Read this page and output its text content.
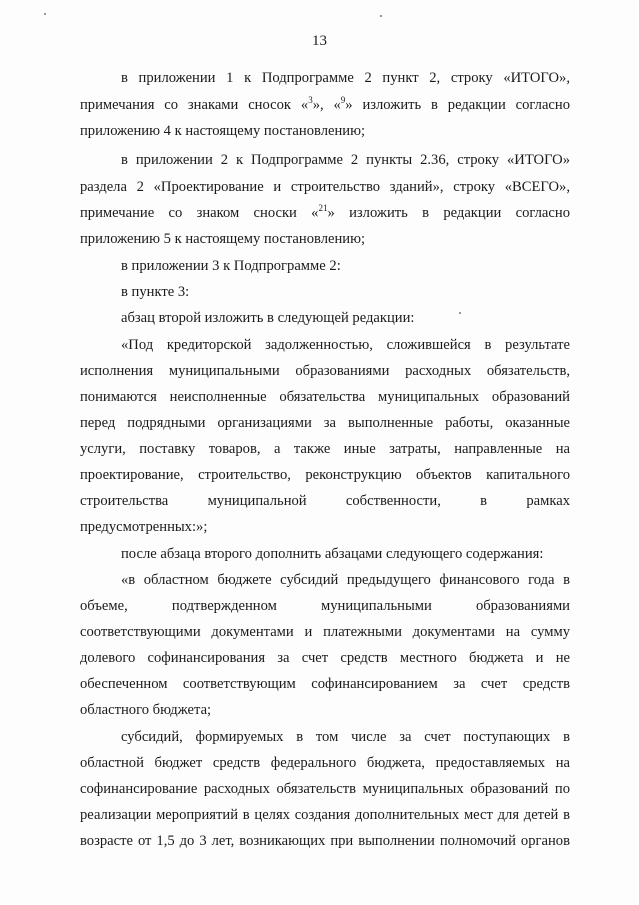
13
в приложении 1 к Подпрограмме 2 пункт 2, строку «ИТОГО»,
примечания со знаками сносок «$^3$», «$^9$» изложить в редакции согласно
приложению 4 к настоящему постановлению;
в приложении 2 к Подпрограмме 2 пункты 2.36, строку «ИТОГО»
раздела 2 «Проектирование и строительство зданий», строку «ВСЕГО»,
примечание со знаком сноски «$^{21}$» изложить в редакции согласно
приложению 5 к настоящему постановлению;
в приложении 3 к Подпрограмме 2:
в пункте 3:
абзац второй изложить в следующей редакции:
«Под кредиторской задолженностью, сложившейся в результате
исполнения муниципальными образованиями расходных обязательств,
понимаются неисполненные обязательства муниципальных образований
перед подрядными организациями за выполненные работы, оказанные
услуги, поставку товаров, а также иные затраты, направленные на
проектирование, строительство, реконструкцию объектов капитального
строительства муниципальной собственности, в рамках
предусмотренных:»;
после абзаца второго дополнить абзацами следующего содержания:
«в областном бюджете субсидий предыдущего финансового года в
объеме, подтвержденном муниципальными образованиями
соответствующими документами и платежными документами на сумму
долевого софинансирования за счет средств местного бюджета и не
обеспеченном соответствующим софинансированием за счет средств
областного бюджета;
субсидий, формируемых в том числе за счет поступающих в
областной бюджет средств федерального бюджета, предоставляемых на
софинансирование расходных обязательств муниципальных образований по
реализации мероприятий в целях создания дополнительных мест для детей в
возрасте от 1,5 до 3 лет, возникающих при выполнении полномочий органов
